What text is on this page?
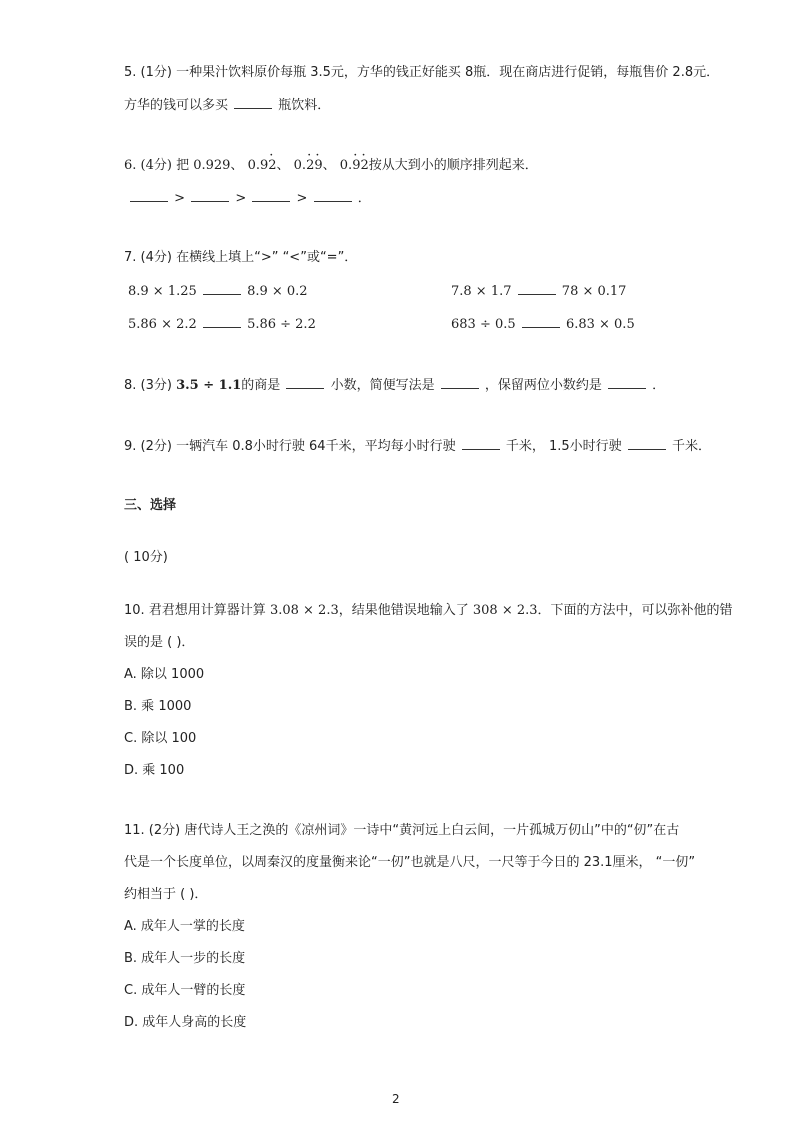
5. (1分) 一种果汁饮料原价每瓶 3.5元，方华的钱正好能买 8瓶．现在商店进行促销，每瓶售价 2.8元．
方华的钱可以多买	瓶饮料．
6. (4分) 把 0.929、 0.9· 2、 0.· 2· 9、 0.· 9· 2按从大到小的顺序排列起来．
>	>	>	．
7. (4分) 在横线上填上“>” “<”或“=”．
8.9 × 1.25	8.9 × 0.2	7.8 × 1.7	78 × 0.17
5.86 × 2.2	5.86 ÷ 2.2	683 ÷ 0.5	6.83 × 0.5
8. (3分) 3.5 ÷ 1.1的商是	小数，简便写法是	，保留两位小数约是	．
9. (2分) 一辆汽车 0.8小时行驶 64千米，平均每小时行驶	千米， 1.5小时行驶	千米．
三、选择
( 10分)
10. 君君想用计算器计算 3.08 × 2.3，结果他错误地输入了 308 × 2.3．下面的方法中，可以弥补他的错
误的是 ( )．
A. 除以 1000
B. 乘 1000
C. 除以 100
D. 乘 100
11. (2分) 唐代诗人王之涣的《凉州词》一诗中“黄河远上白云间，一片孤城万仞山”中的“仞”在古
代是一个长度单位，以周秦汉的度量衡来论“一仞”也就是八尺，一尺等于今日的 23.1厘米， “一仞”
约相当于 ( )．
A. 成年人一掌的长度
B. 成年人一步的长度
C. 成年人一臂的长度
D. 成年人身高的长度
2
